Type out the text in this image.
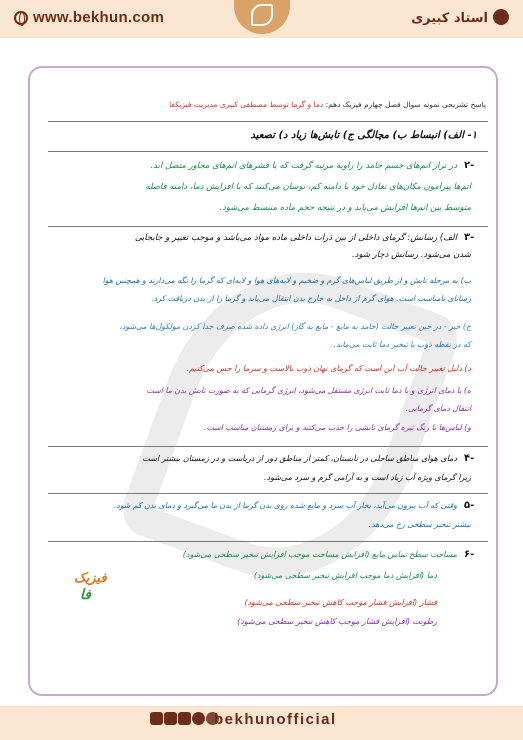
www.bekhun.com	استاد کبیری
پاسخ تشریحی نمونه سوال فصل چهارم فیزیک دهم: دما و گرما توسط مصطفی کبیری مدیریت فیزیکفا
۱- الف) انبساط ب) مچالگی ج) تابش‌ها زیاد د) تصعید
۲-
در تراز اتم‌های جسم جامد را زاویه مرتبه گرفت که با فشرهای اتم‌های مجاور متصل اند.
اتم‌ها پیرامون مکان‌های تعادل خود با دامنه کم، نوسان می‌کنند که با افزایش دما، دامنه فاصله
متوسط بین اتم‌ها افزایش می‌یابد و در نتیجه حجم ماده منبسط می‌شود.
۳-
الف) رسانش: گرمای داخلی از بین ذرات داخلی ماده مواد می‌باشد و موجب تغییر و جابجایی
شدن می‌شود. رسانش دچار شود.
ب) به مرحله تابش و از طریق لباس‌های گرم و ضخیم و لایه‌های هوا و لایه‌ای که گرما را نگه می‌دارند و همچنین هوا
رسانای نامناسب است. هوای گرم از داخل به خارج بدن انتقال می‌یابد و گرما را از بدن دریافت کرد.
ج) خیر - در حین تغییر حالت (جامد به مایع - مایع به گاز) انرژی داده شده صرف جدا کردن مولکول‌ها می‌شود،
که در نقطه ذوب یا تبخیر دما ثابت می‌ماند.
د) دلیل تغییر حالت آب این است که گرمای نهان ذوب بالاست و سرما را حس می‌کنیم.
ه) با دمای انرژی و با دما ثابت انرژی مستقل می‌شود، انرژی گرمایی که به صورت تابش بدن ما است
انتقال دمای گرمایی.
و) لباس‌ها با رنگ تیره گرمای تابشی را جذب می‌کنند و برای زمستان مناسب است.
۴-
دمای هوای مناطق ساحلی در تابستان، کمتر از مناطق دور از دریاست و در زمستان بیشتر است
زیرا گرمای ویژه آب زیاد است و به آرامی گرم و سرد می‌شود.
۵-
وقتی که آب بیرون می‌آید، بخار آب سرد و مایع شده روی بدن گرما از بدن ما می‌گیرد و دمای بدن کم شود.
بیشتر تبخیر سطحی رخ می‌دهد.
۶-
مساحت سطح تماس مایع (افزایش مساحت موجب افزایش تبخیر سطحی می‌شود)
دما (افزایش دما موجب افزایش تبخیر سطحی می‌شود)
فشار (افزایش فشار موجب کاهش تبخیر سطحی می‌شود)
رطوبت (افزایش فشار موجب کاهش تبخیر سطحی می‌شود)
فیزیک
فا
bekhunofficial
